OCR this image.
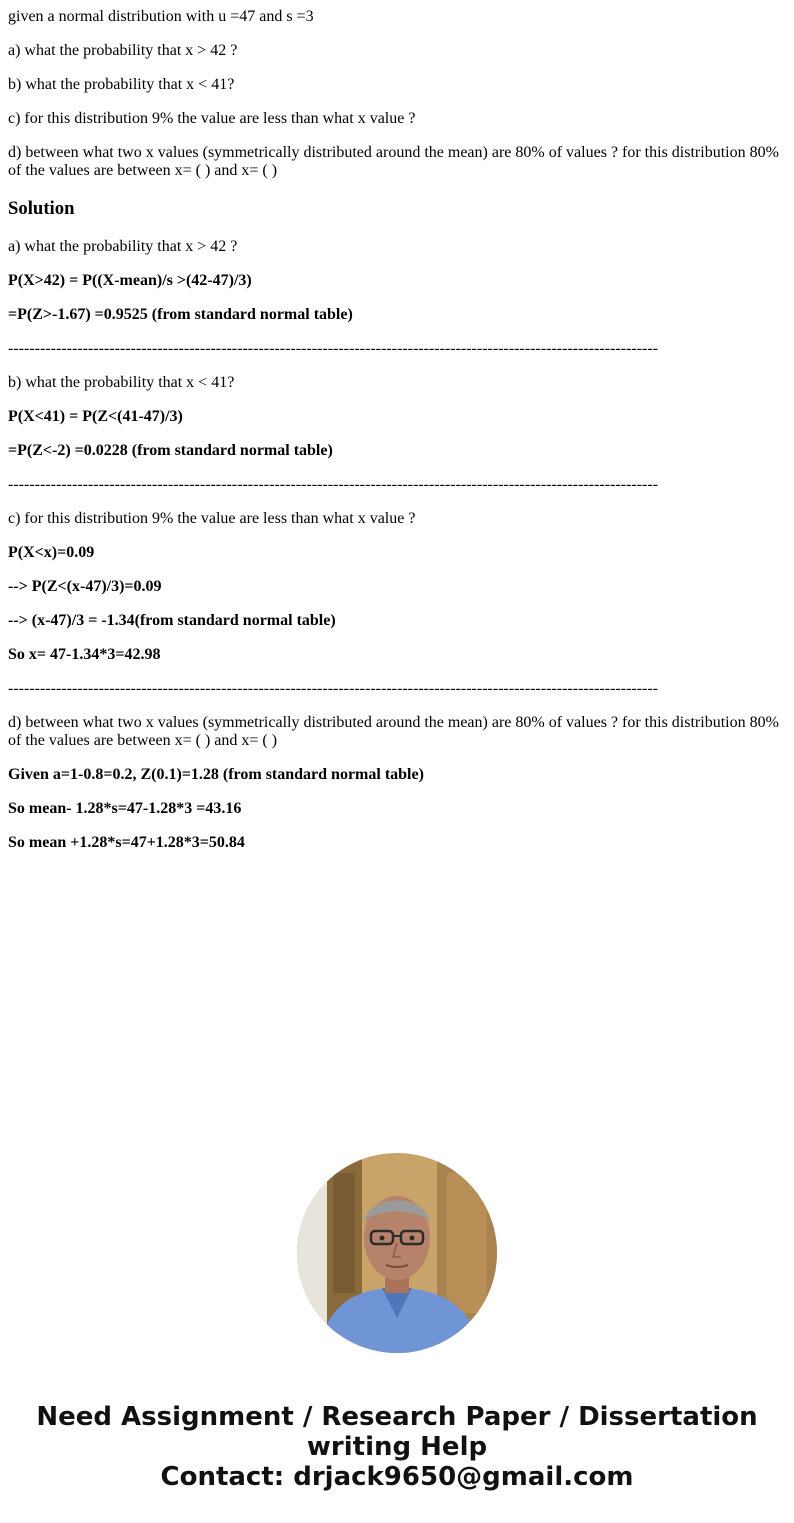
given a normal distribution with u =47 and s =3

a) what the probability that x > 42 ?

b) what the probability that x < 41?

c) for this distribution 9% the value are less than what x value ?

d) between what two x values (symmetrically distributed around the mean) are 80% of values ? for this distribution 80% of the values are between x= ( ) and x= ( )

Solution

a) what the probability that x > 42 ?

P(X>42) = P((X-mean)/s >(42-47)/3)

=P(Z>-1.67) =0.9525 (from standard normal table)

--------------------------------------------------------------------------------------------------------------------------

b) what the probability that x < 41?

P(X<41) = P(Z<(41-47)/3)

=P(Z<-2) =0.0228 (from standard normal table)

--------------------------------------------------------------------------------------------------------------------------

c) for this distribution 9% the value are less than what x value ?

P(X<x)=0.09

--> P(Z<(x-47)/3)=0.09

--> (x-47)/3 = -1.34(from standard normal table)

So x= 47-1.34*3=42.98

--------------------------------------------------------------------------------------------------------------------------

d) between what two x values (symmetrically distributed around the mean) are 80% of values ? for this distribution 80% of the values are between x= ( ) and x= ( )

Given a=1-0.8=0.2, Z(0.1)=1.28 (from standard normal table)

So mean- 1.28*s=47-1.28*3 =43.16

So mean +1.28*s=47+1.28*3=50.84

Need Assignment / Research Paper / Dissertation
writing Help
Contact: drjack9650@gmail.com
